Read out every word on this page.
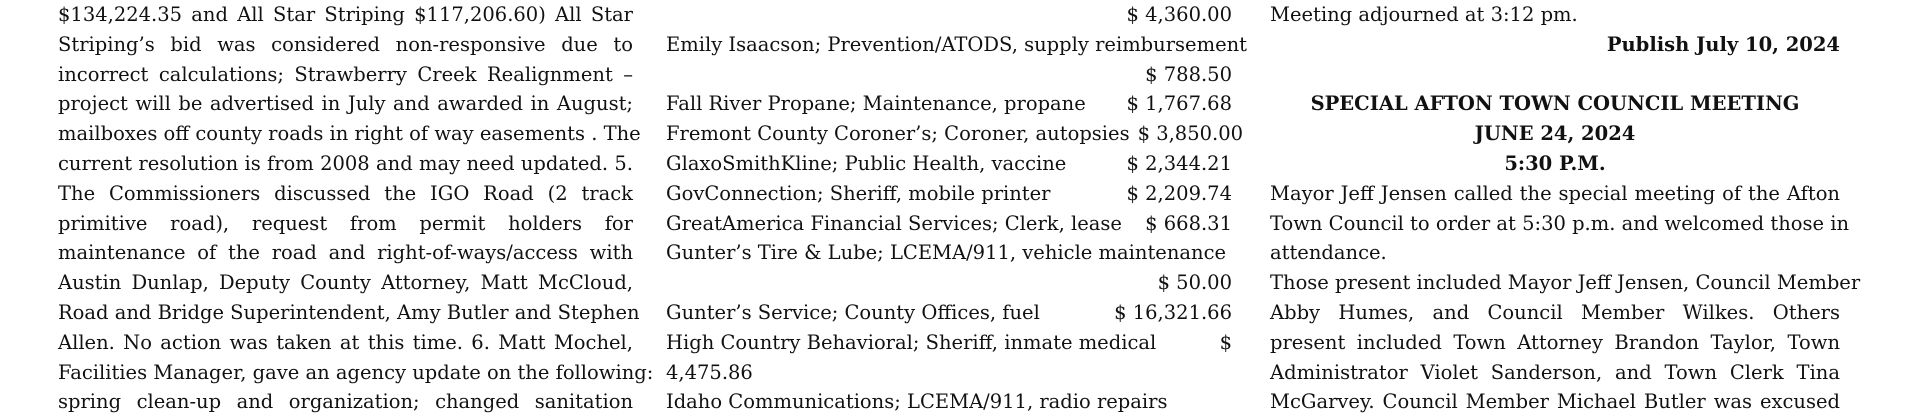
$134,224.35 and All Star Striping $117,206.60) All Star
Striping’s bid was considered non-responsive due to
incorrect calculations; Strawberry Creek Realignment –
project will be advertised in July and awarded in August;
mailboxes off county roads in right of way easements . The
current resolution is from 2008 and may need updated. 5.
The Commissioners discussed the IGO Road (2 track
primitive road), request from permit holders for
maintenance of the road and right-of-ways/access with
Austin Dunlap, Deputy County Attorney, Matt McCloud,
Road and Bridge Superintendent, Amy Butler and Stephen
Allen. No action was taken at this time. 6. Matt Mochel,
Facilities Manager, gave an agency update on the following:
spring clean-up and organization; changed sanitation
$ 4,360.00
Emily Isaacson; Prevention/ATODS, supply reimbursement
$ 788.50
Fall River Propane; Maintenance, propane	$ 1,767.68
Fremont County Coroner’s; Coroner, autopsies $ 3,850.00
GlaxoSmithKline; Public Health, vaccine	$ 2,344.21
GovConnection; Sheriff, mobile printer	$ 2,209.74
GreatAmerica Financial Services; Clerk, lease	$ 668.31
Gunter’s Tire & Lube; LCEMA/911, vehicle maintenance
$ 50.00
Gunter’s Service; County Offices, fuel	$ 16,321.66
High Country Behavioral; Sheriff, inmate medical	$
4,475.86
Idaho Communications; LCEMA/911, radio repairs
Meeting adjourned at 3:12 pm.
Publish July 10, 2024
SPECIAL AFTON TOWN COUNCIL MEETING
JUNE 24, 2024
5:30 P.M.
Mayor Jeff Jensen called the special meeting of the Afton
Town Council to order at 5:30 p.m. and welcomed those in
attendance.
Those present included Mayor Jeff Jensen, Council Member
Abby Humes, and Council Member Wilkes. Others
present included Town Attorney Brandon Taylor, Town
Administrator Violet Sanderson, and Town Clerk Tina
McGarvey. Council Member Michael Butler was excused
